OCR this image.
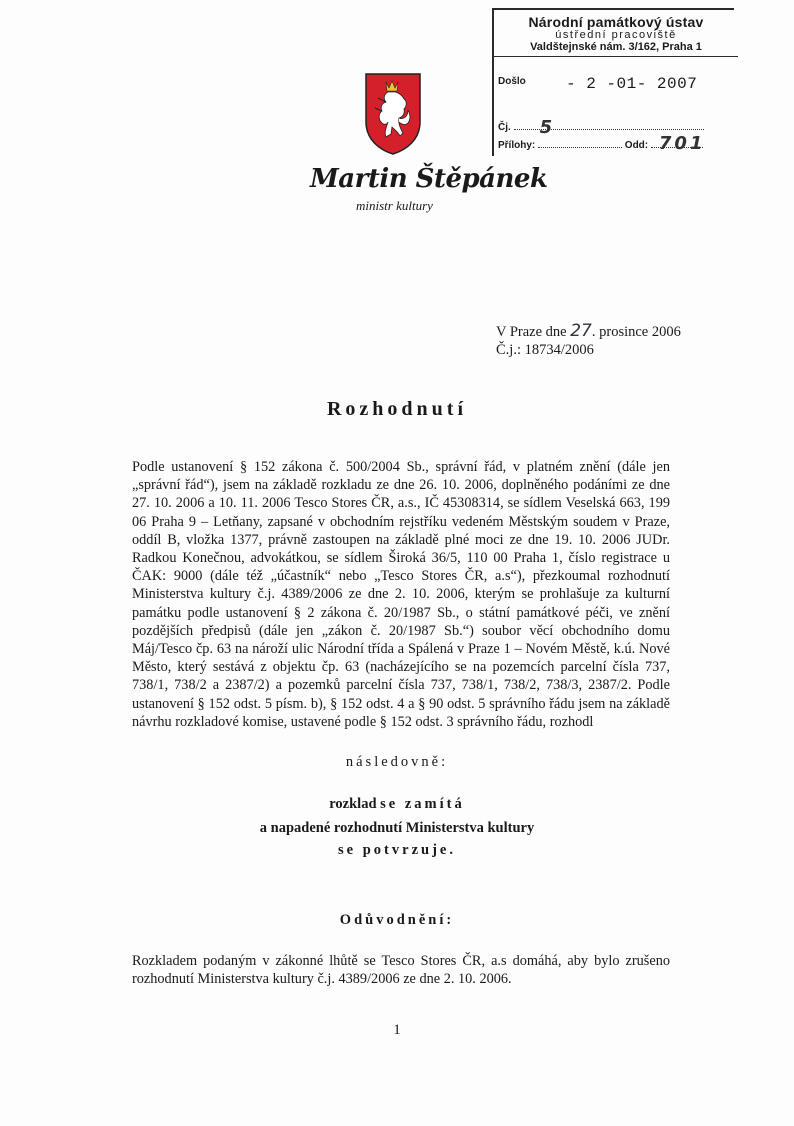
Národní památkový ústav
ústřední pracoviště
Valdštejnské nám. 3/162, Praha 1
Došlo	- 2 -01- 2007
Čj. 5
Přílohy:	Odd: 701
Martin Štěpánek
ministr kultury
V Praze dne 27. prosince 2006
Č.j.: 18734/2006
Rozhodnutí

Podle ustanovení § 152 zákona č. 500/2004 Sb., správní řád, v platném znění (dále jen „správní řád“), jsem na základě rozkladu ze dne 26. 10. 2006, doplněného podáními ze dne 27. 10. 2006 a 10. 11. 2006 Tesco Stores ČR, a.s., IČ 45308314, se sídlem Veselská 663, 199 06 Praha 9 – Letňany, zapsané v obchodním rejstříku vedeném Městským soudem v Praze, oddíl B, vložka 1377, právně zastoupen na základě plné moci ze dne 19. 10. 2006 JUDr. Radkou Konečnou, advokátkou, se sídlem Široká 36/5, 110 00 Praha 1, číslo registrace u ČAK: 9000 (dále též „účastník“ nebo „Tesco Stores ČR, a.s“), přezkoumal rozhodnutí Ministerstva kultury č.j. 4389/2006 ze dne 2. 10. 2006, kterým se prohlašuje za kulturní památku podle ustanovení § 2 zákona č. 20/1987 Sb., o státní památkové péči, ve znění pozdějších předpisů (dále jen „zákon č. 20/1987 Sb.“) soubor věcí obchodního domu Máj/Tesco čp. 63 na nároží ulic Národní třída a Spálená v Praze 1 – Novém Městě, k.ú. Nové Město, který sestává z objektu čp. 63 (nacházejícího se na pozemcích parcelní čísla 737, 738/1, 738/2 a 2387/2) a pozemků parcelní čísla 737, 738/1, 738/2, 738/3, 2387/2. Podle ustanovení § 152 odst. 5 písm. b), § 152 odst. 4 a § 90 odst. 5 správního řádu jsem na základě návrhu rozkladové komise, ustavené podle § 152 odst. 3 správního řádu, rozhodl

následovně:
rozklad se zamítá
a napadené rozhodnutí Ministerstva kultury
se potvrzuje.
Odůvodnění:
Rozkladem podaným v zákonné lhůtě se Tesco Stores ČR, a.s domáhá, aby bylo zrušeno rozhodnutí Ministerstva kultury č.j. 4389/2006 ze dne 2. 10. 2006.
1
